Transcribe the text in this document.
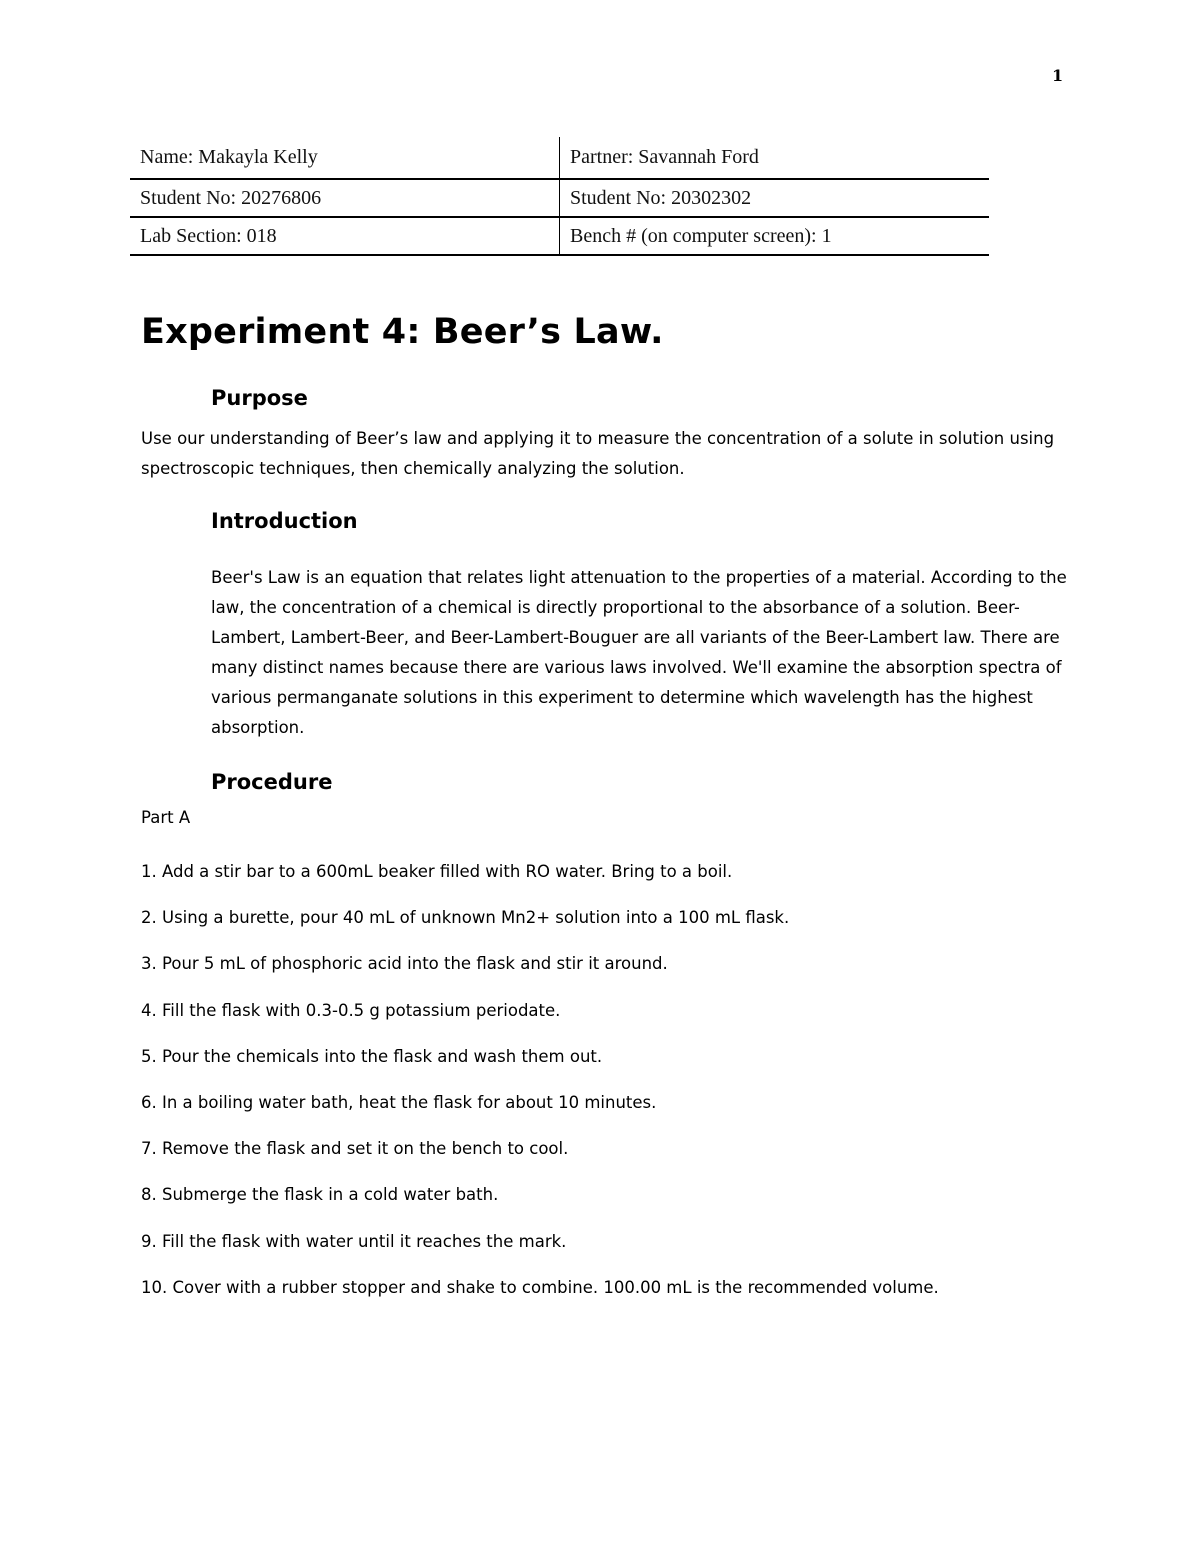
1
Name: Makayla Kelly	Partner: Savannah Ford
Student No: 20276806	Student No: 20302302
Lab Section: 018	Bench # (on computer screen): 1
Experiment 4: Beer’s Law.
Purpose

Use our understanding of Beer’s law and applying it to measure the concentration of a solute in solution using spectroscopic techniques, then chemically analyzing the solution.

Introduction

Beer's Law is an equation that relates light attenuation to the properties of a material. According to the law, the concentration of a chemical is directly proportional to the absorbance of a solution. Beer-Lambert, Lambert-Beer, and Beer-Lambert-Bouguer are all variants of the Beer-Lambert law. There are many distinct names because there are various laws involved. We'll examine the absorption spectra of various permanganate solutions in this experiment to determine which wavelength has the highest absorption.

Procedure
Part A
1. Add a stir bar to a 600mL beaker filled with RO water. Bring to a boil.
2. Using a burette, pour 40 mL of unknown Mn2+ solution into a 100 mL flask.
3. Pour 5 mL of phosphoric acid into the flask and stir it around.
4. Fill the flask with 0.3-0.5 g potassium periodate.
5. Pour the chemicals into the flask and wash them out.
6. In a boiling water bath, heat the flask for about 10 minutes.
7. Remove the flask and set it on the bench to cool.
8. Submerge the flask in a cold water bath.
9. Fill the flask with water until it reaches the mark.
10. Cover with a rubber stopper and shake to combine. 100.00 mL is the recommended volume.
